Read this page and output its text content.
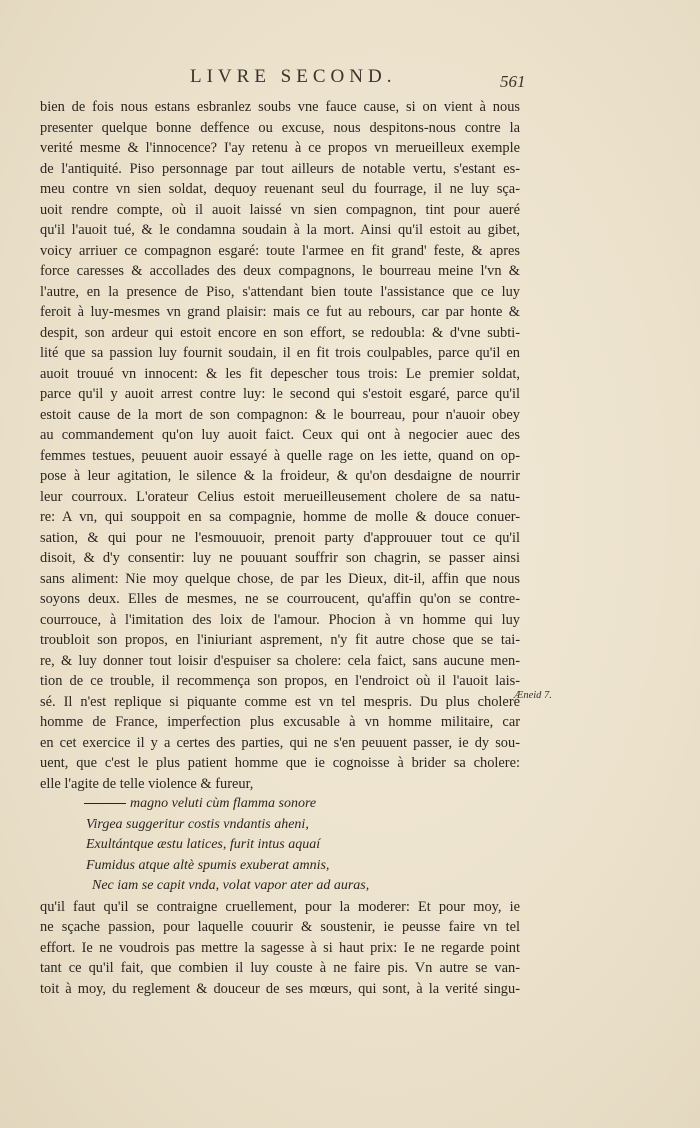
LIVRE SECOND.	561
bien de fois nous estans esbranlez soubs vne fauce cause, si on vient à nous
presenter quelque bonne deffence ou excuse, nous despitons-nous contre la
verité mesme & l'innocence? I'ay retenu à ce propos vn merueilleux exemple
de l'antiquité. Piso personnage par tout ailleurs de notable vertu, s'estant es-
meu contre vn sien soldat, dequoy reuenant seul du fourrage, il ne luy sça-
uoit rendre compte, où il auoit laissé vn sien compagnon, tint pour aueré
qu'il l'auoit tué, & le condamna soudain à la mort. Ainsi qu'il estoit au gibet,
voicy arriuer ce compagnon esgaré: toute l'armee en fit grand' feste, & apres
force caresses & accollades des deux compagnons, le bourreau meine l'vn &
l'autre, en la presence de Piso, s'attendant bien toute l'assistance que ce luy
feroit à luy-mesmes vn grand plaisir: mais ce fut au rebours, car par honte &
despit, son ardeur qui estoit encore en son effort, se redoubla: & d'vne subti-
lité que sa passion luy fournit soudain, il en fit trois coulpables, parce qu'il en
auoit trouué vn innocent: & les fit depescher tous trois: Le premier soldat,
parce qu'il y auoit arrest contre luy: le second qui s'estoit esgaré, parce qu'il
estoit cause de la mort de son compagnon: & le bourreau, pour n'auoir obey
au commandement qu'on luy auoit faict. Ceux qui ont à negocier auec des
femmes testues, peuuent auoir essayé à quelle rage on les iette, quand on op-
pose à leur agitation, le silence & la froideur, & qu'on desdaigne de nourrir
leur courroux. L'orateur Celius estoit merueilleusement cholere de sa natu-
re: A vn, qui souppoit en sa compagnie, homme de molle & douce conuer-
sation, & qui pour ne l'esmouuoir, prenoit party d'approuuer tout ce qu'il
disoit, & d'y consentir: luy ne pouuant souffrir son chagrin, se passer ainsi
sans aliment: Nie moy quelque chose, de par les Dieux, dit-il, affin que nous
soyons deux. Elles de mesmes, ne se courroucent, qu'affin qu'on se contre-
courrouce, à l'imitation des loix de l'amour. Phocion à vn homme qui luy
troubloit son propos, en l'iniuriant asprement, n'y fit autre chose que se tai-
re, & luy donner tout loisir d'espuiser sa cholere: cela faict, sans aucune men-
tion de ce trouble, il recommença son propos, en l'endroict où il l'auoit lais-
sé. Il n'est replique si piquante comme est vn tel mespris. Du plus cholere
homme de France, imperfection plus excusable à vn homme militaire, car
en cet exercice il y a certes des parties, qui ne s'en peuuent passer, ie dy sou-
uent, que c'est le plus patient homme que ie cognoisse à brider sa cholere:
elle l'agite de telle violence & fureur,
magno veluti cùm flamma sonore
Virgea suggeritur costis vndantis aheni,
Exultántque æstu latices, furit intus aquaí
Fumidus atque altè spumis exuberat amnis,
Nec iam se capit vnda, volat vapor ater ad auras,
qu'il faut qu'il se contraigne cruellement, pour la moderer: Et pour moy, ie
ne sçache passion, pour laquelle couurir & soustenir, ie peusse faire vn tel
effort. Ie ne voudrois pas mettre la sagesse à si haut prix: Ie ne regarde point
tant ce qu'il fait, que combien il luy couste à ne faire pis. Vn autre se van-
toit à moy, du reglement & douceur de ses mœurs, qui sont, à la verité singu-
Æneid 7.
